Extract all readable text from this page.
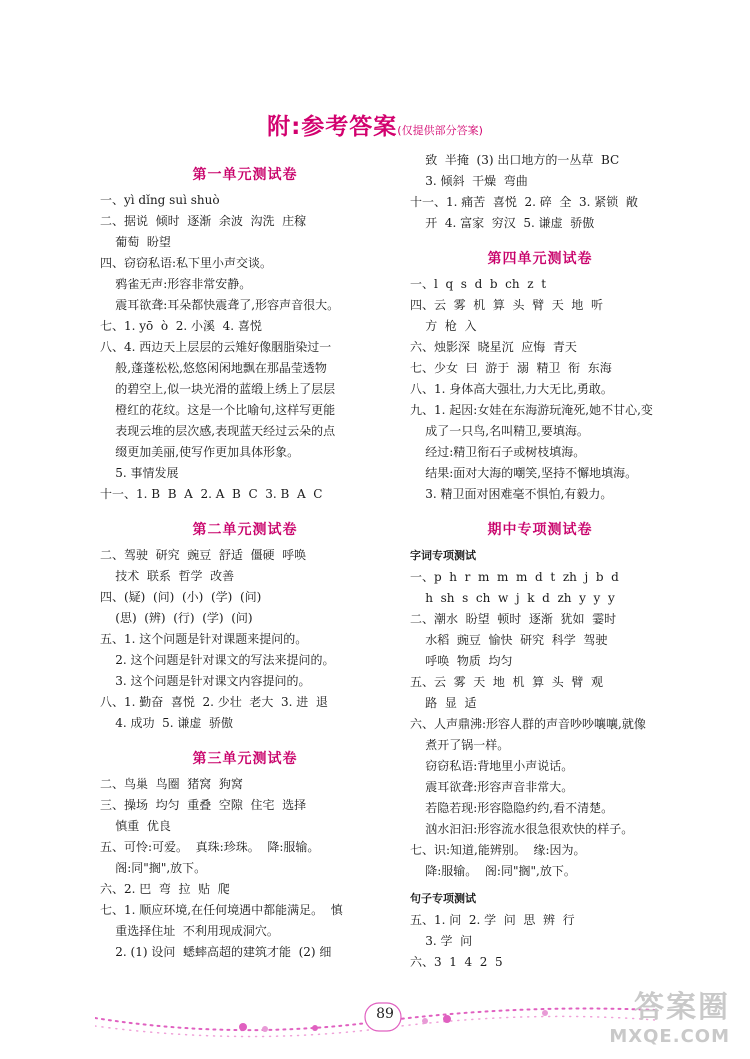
附:参考答案(仅提供部分答案)
第一单元测试卷
一、yì dǐng suì shuò
二、据说  倾时  逐渐  余波  沟洗  庄稼
葡萄  盼望
四、窃窃私语:私下里小声交谈。
鸦雀无声:形容非常安静。
震耳欲聋:耳朵都快震聋了,形容声音很大。
七、1. yō  ò  2. 小溪  4. 喜悦
八、4. 西边天上层层的云雉好像胭脂染过一
般,蓬蓬松松,悠悠闲闲地飘在那晶莹透物
的碧空上,似一块光滑的蓝缎上绣上了层层
橙红的花纹。这是一个比喻句,这样写更能
表现云堆的层次感,表现蓝天经过云朵的点
缀更加美丽,使写作更加具体形象。
5. 事情发展
十一、1. B  B  A  2. A  B  C  3. B  A  C
第二单元测试卷
二、驾驶  研究  豌豆  舒适  僵硬  呼唤
技术  联系  哲学  改善
四、(疑)  (问)  (小)  (学)  (问)
(思)  (辨)  (行)  (学)  (问)
五、1. 这个问题是针对课题来提问的。
2. 这个问题是针对课文的写法来提问的。
3. 这个问题是针对课文内容提问的。
八、1. 勤奋  喜悦  2. 少壮  老大  3. 进  退
4. 成功  5. 谦虚  骄傲
第三单元测试卷
二、鸟巢  鸟圈  猪窝  狗窝
三、操场  均匀  重叠  空隙  住宅  选择
慎重  优良
五、可怜:可爱。  真珠:珍珠。  降:服输。
阁:同"搁",放下。
六、2. 巴  弯  拉  贴  爬
七、1. 顺应环境,在任何境遇中都能满足。  慎
重选择住址  不利用现成洞穴。
2. (1) 设问  蟋蟀高超的建筑才能  (2) 细
致  半掩  (3) 出口地方的一丛草  BC
3. 倾斜  干燥  弯曲
十一、1. 痛苦  喜悦  2. 碎  全  3. 紧锁  敞
开  4. 富家  穷汉  5. 谦虚  骄傲
第四单元测试卷
一、l  q  s  d  b  ch  z  t
四、云  雾  机  算  头  臂  天  地  听
方  枪  入
六、烛影深  晓星沉  应悔  青天
七、少女  曰  游于  溺  精卫  衔  东海
八、1. 身体高大强壮,力大无比,勇敢。
九、1. 起因:女娃在东海游玩淹死,她不甘心,变
成了一只鸟,名叫精卫,要填海。
经过:精卫衔石子或树枝填海。
结果:面对大海的嘲笑,坚持不懈地填海。
3. 精卫面对困难毫不惧怕,有毅力。
期中专项测试卷
字词专项测试
一、p  h  r  m  m  m  d  t  zh  j  b  d
h  sh  s  ch  w  j  k  d  zh  y  y  y
二、潮水  盼望  顿时  逐渐  犹如  霎时
水稻  豌豆  愉快  研究  科学  驾驶
呼唤  物质  均匀
五、云  雾  天  地  机  算  头  臂  观
路  显  适
六、人声鼎沸:形容人群的声音吵吵嚷嚷,就像
煮开了锅一样。
窃窃私语:背地里小声说话。
震耳欲聋:形容声音非常大。
若隐若现:形容隐隐约约,看不清楚。
汹水汩汩:形容流水很急很欢快的样子。
七、识:知道,能辨别。  缘:因为。
降:服输。  阁:同"搁",放下。
句子专项测试
五、1. 问  2. 学  问  思  辨  行
3. 学  问
六、3  1  4  2  5
89	答案圈
MXQE.COM
